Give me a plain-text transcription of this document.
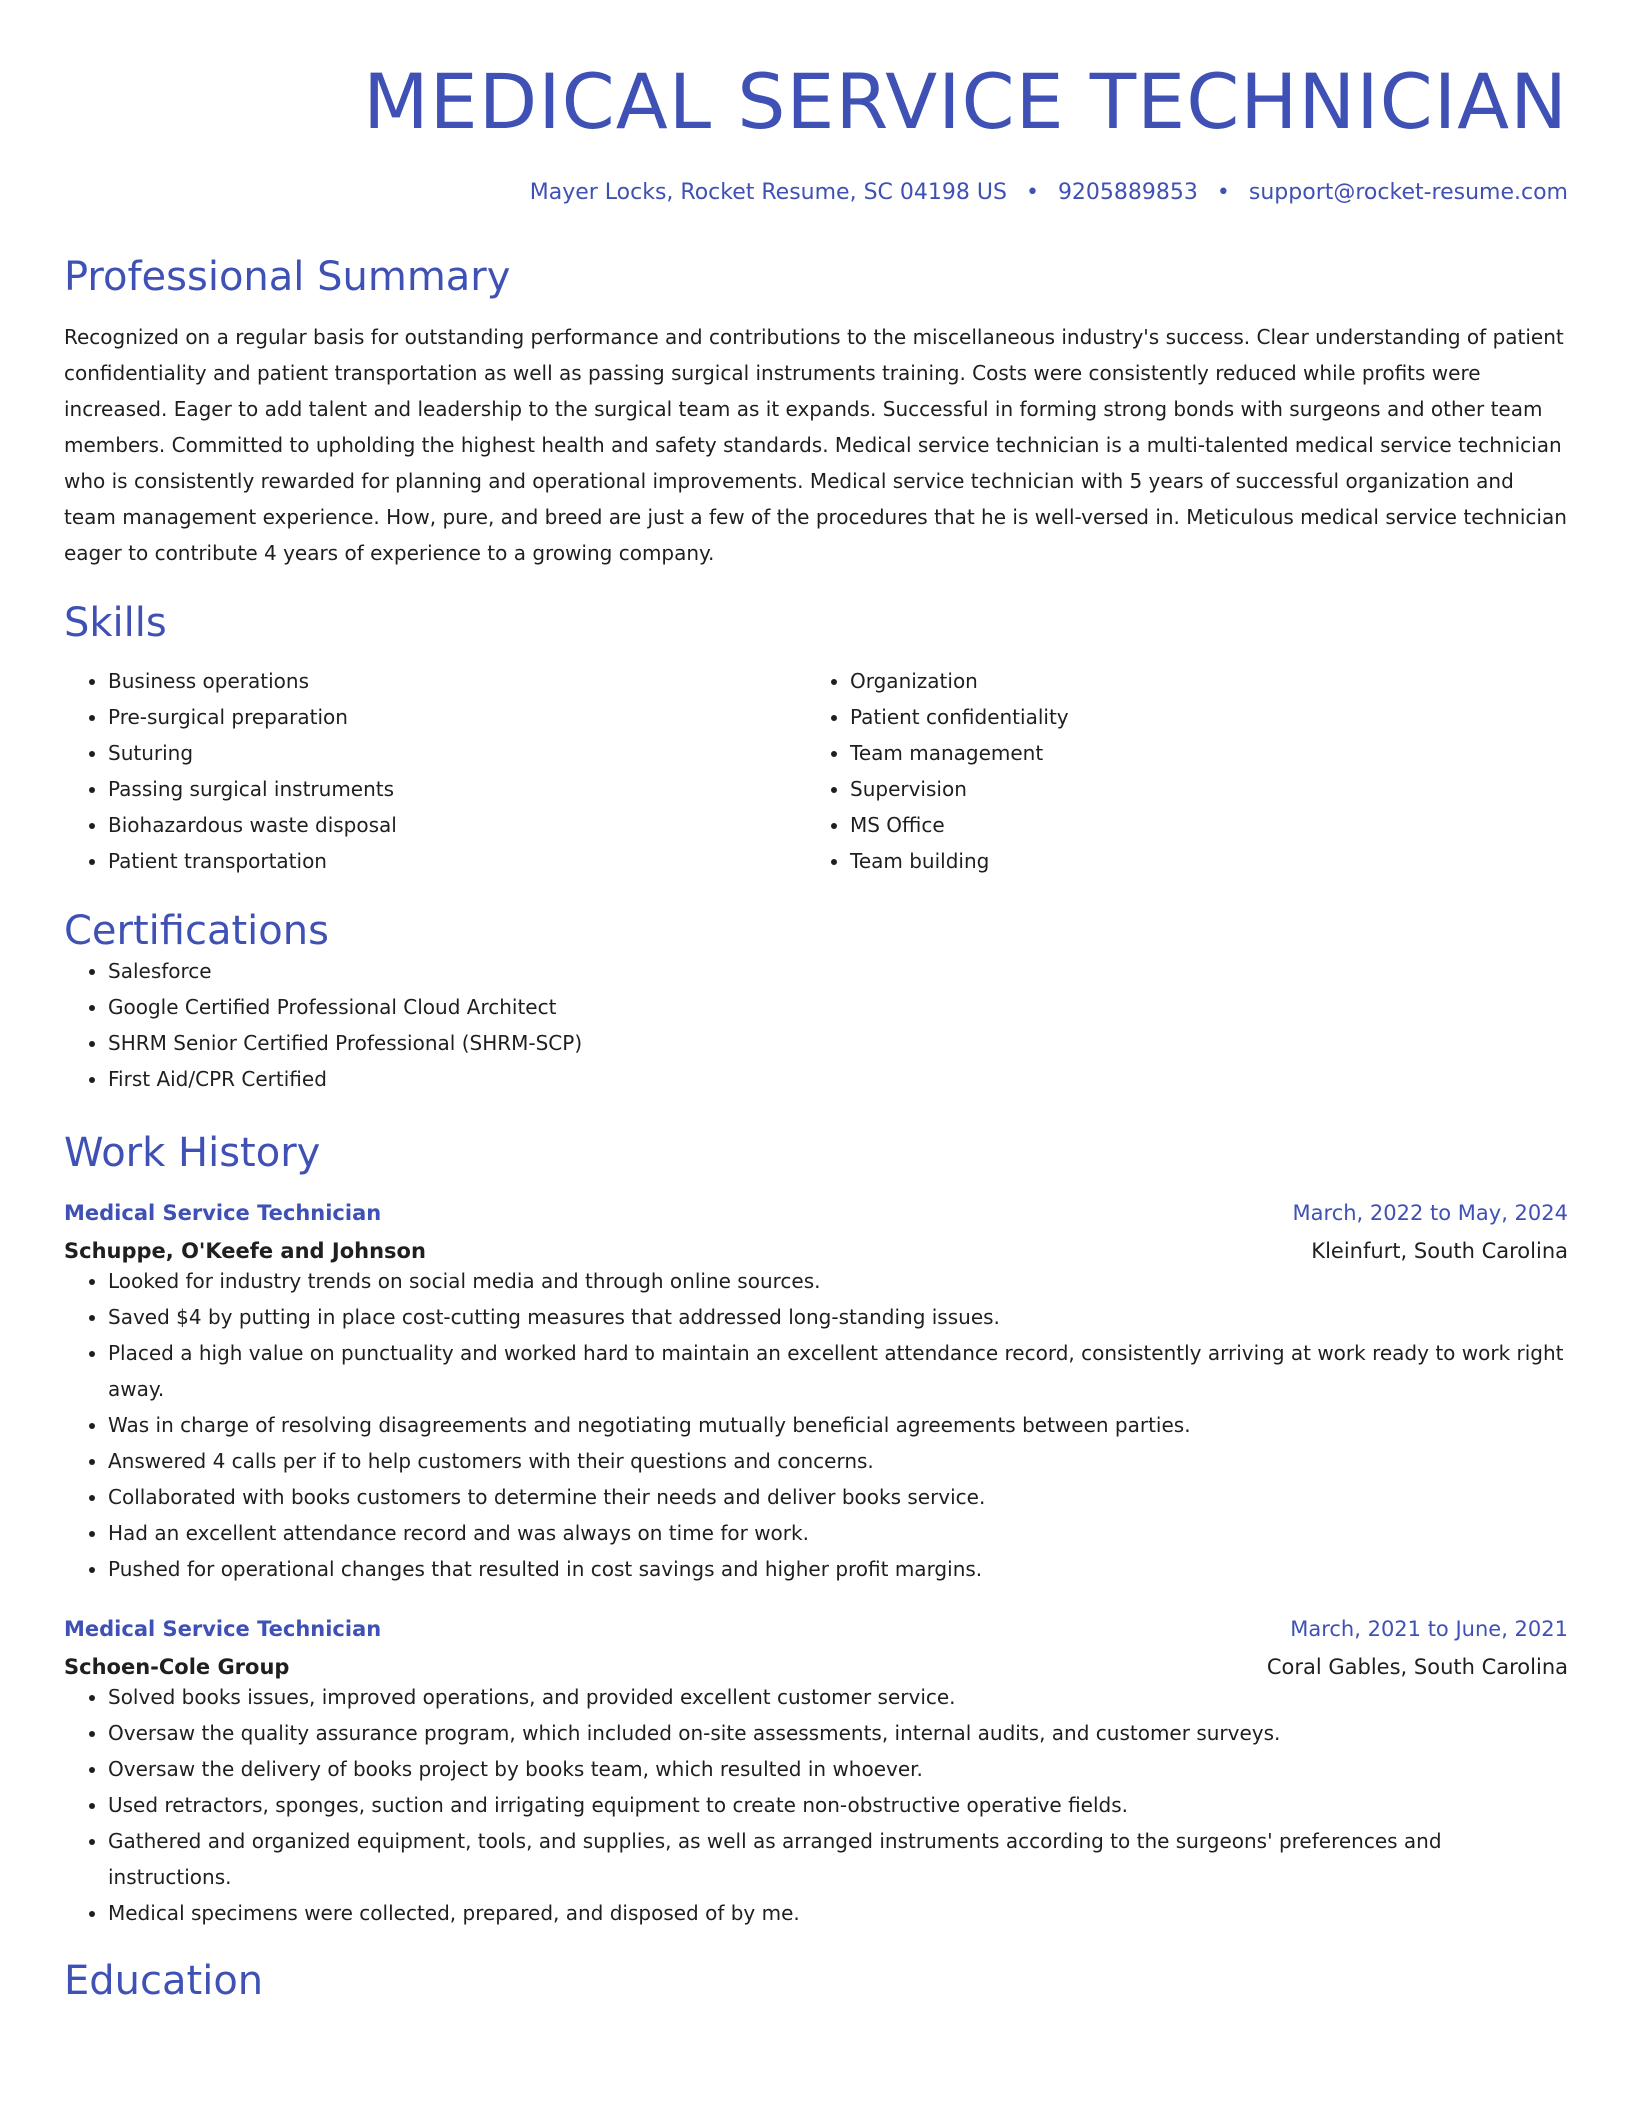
MEDICAL SERVICE TECHNICIAN
Mayer Locks, Rocket Resume, SC 04198 US • 9205889853 • support@rocket-resume.com
Professional Summary
Recognized on a regular basis for outstanding performance and contributions to the miscellaneous industry's success. Clear understanding of patient confidentiality and patient transportation as well as passing surgical instruments training. Costs were consistently reduced while profits were increased. Eager to add talent and leadership to the surgical team as it expands. Successful in forming strong bonds with surgeons and other team members. Committed to upholding the highest health and safety standards. Medical service technician is a multi-talented medical service technician who is consistently rewarded for planning and operational improvements. Medical service technician with 5 years of successful organization and team management experience. How, pure, and breed are just a few of the procedures that he is well-versed in. Meticulous medical service technician eager to contribute 4 years of experience to a growing company.
Skills
• Business operations
• Pre-surgical preparation
• Suturing
• Passing surgical instruments
• Biohazardous waste disposal
• Patient transportation
• Organization
• Patient confidentiality
• Team management
• Supervision
• MS Office
• Team building
Certifications
• Salesforce
• Google Certified Professional Cloud Architect
• SHRM Senior Certified Professional (SHRM-SCP)
• First Aid/CPR Certified
Work History
Medical Service Technician	March, 2022 to May, 2024
Schuppe, O'Keefe and Johnson	Kleinfurt, South Carolina
• Looked for industry trends on social media and through online sources.
• Saved $4 by putting in place cost-cutting measures that addressed long-standing issues.
• Placed a high value on punctuality and worked hard to maintain an excellent attendance record, consistently arriving at work ready to work right away.
• Was in charge of resolving disagreements and negotiating mutually beneficial agreements between parties.
• Answered 4 calls per if to help customers with their questions and concerns.
• Collaborated with books customers to determine their needs and deliver books service.
• Had an excellent attendance record and was always on time for work.
• Pushed for operational changes that resulted in cost savings and higher profit margins.
Medical Service Technician	March, 2021 to June, 2021
Schoen-Cole Group	Coral Gables, South Carolina
• Solved books issues, improved operations, and provided excellent customer service.
• Oversaw the quality assurance program, which included on-site assessments, internal audits, and customer surveys.
• Oversaw the delivery of books project by books team, which resulted in whoever.
• Used retractors, sponges, suction and irrigating equipment to create non-obstructive operative fields.
• Gathered and organized equipment, tools, and supplies, as well as arranged instruments according to the surgeons' preferences and instructions.
• Medical specimens were collected, prepared, and disposed of by me.
Education
